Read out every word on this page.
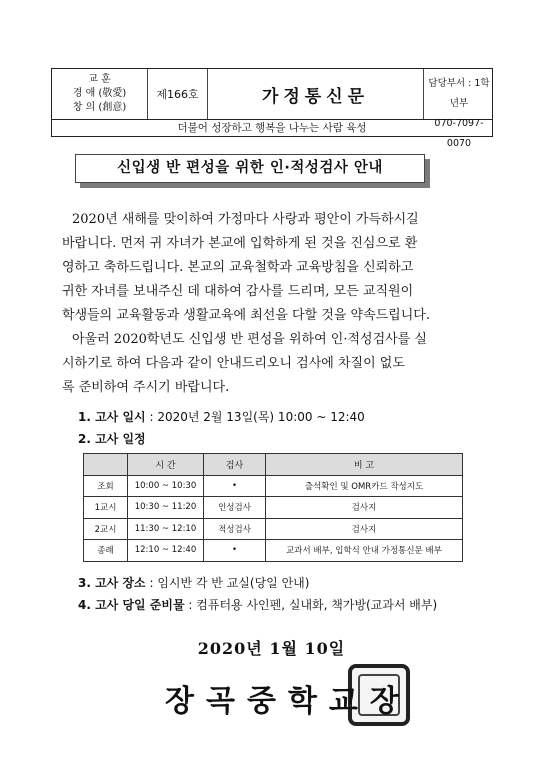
교 훈
경 애 (敬愛)
창 의 (創意)
제166호	가정통신문
담당부서 : 1학년부
070-7097-0070
더불어 성장하고 행복을 나누는 사람 육성
신입생 반 편성을 위한 인·적성검사 안내
2020년 새해를 맞이하여 가정마다 사랑과 평안이 가득하시길
바랍니다. 먼저 귀 자녀가 본교에 입학하게 된 것을 진심으로 환
영하고 축하드립니다. 본교의 교육철학과 교육방침을 신뢰하고
귀한 자녀를 보내주신 데 대하여 감사를 드리며, 모든 교직원이
학생들의 교육활동과 생활교육에 최선을 다할 것을 약속드립니다.
아울러 2020학년도 신입생 반 편성을 위하여 인·적성검사를 실
시하기로 하여 다음과 같이 안내드리오니 검사에 차질이 없도
록 준비하여 주시기 바랍니다.
1. 고사 일시 : 2020년 2월 13일(목) 10:00 ~ 12:40
2. 고사 일정
	시 간	검사	비 고
조회	10:00 ~ 10:30	•	출석확인 및 OMR카드 작성지도
1교시	10:30 ~ 11:20	인성검사	검사지
2교시	11:30 ~ 12:10	적성검사	검사지
종례	12:10 ~ 12:40	•	교과서 배부, 입학식 안내 가정통신문 배부
3. 고사 장소 : 임시반 각 반 교실(당일 안내)
4. 고사 당일 준비물 : 컴퓨터용 사인펜, 실내화, 책가방(교과서 배부)
2020년 1월 10일
장곡중학교장
